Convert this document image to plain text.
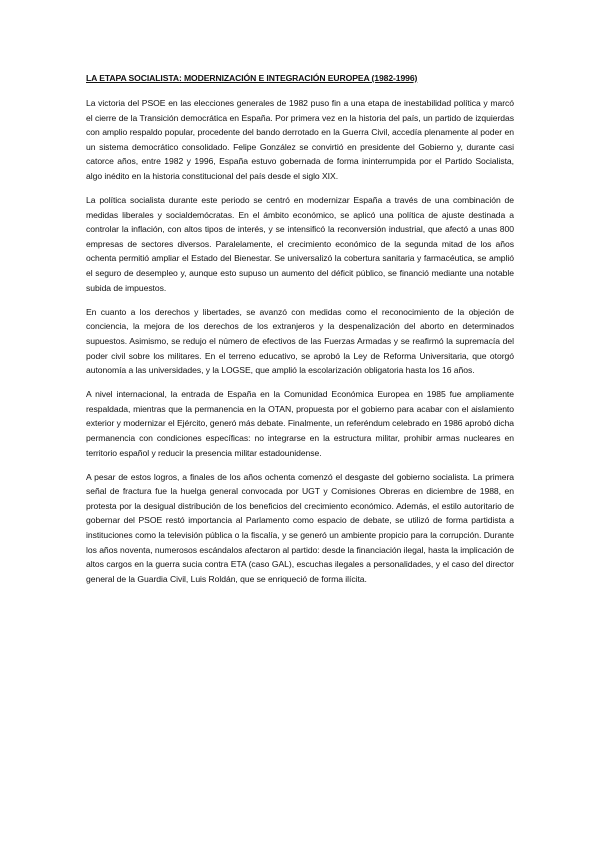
LA ETAPA SOCIALISTA: MODERNIZACIÓN E INTEGRACIÓN EUROPEA (1982-1996)

La victoria del PSOE en las elecciones generales de 1982 puso fin a una etapa de inestabilidad política y marcó el cierre de la Transición democrática en España. Por primera vez en la historia del país, un partido de izquierdas con amplio respaldo popular, procedente del bando derrotado en la Guerra Civil, accedía plenamente al poder en un sistema democrático consolidado. Felipe González se convirtió en presidente del Gobierno y, durante casi catorce años, entre 1982 y 1996, España estuvo gobernada de forma ininterrumpida por el Partido Socialista, algo inédito en la historia constitucional del país desde el siglo XIX.

La política socialista durante este periodo se centró en modernizar España a través de una combinación de medidas liberales y socialdemócratas. En el ámbito económico, se aplicó una política de ajuste destinada a controlar la inflación, con altos tipos de interés, y se intensificó la reconversión industrial, que afectó a unas 800 empresas de sectores diversos. Paralelamente, el crecimiento económico de la segunda mitad de los años ochenta permitió ampliar el Estado del Bienestar. Se universalizó la cobertura sanitaria y farmacéutica, se amplió el seguro de desempleo y, aunque esto supuso un aumento del déficit público, se financió mediante una notable subida de impuestos.

En cuanto a los derechos y libertades, se avanzó con medidas como el reconocimiento de la objeción de conciencia, la mejora de los derechos de los extranjeros y la despenalización del aborto en determinados supuestos. Asimismo, se redujo el número de efectivos de las Fuerzas Armadas y se reafirmó la supremacía del poder civil sobre los militares. En el terreno educativo, se aprobó la Ley de Reforma Universitaria, que otorgó autonomía a las universidades, y la LOGSE, que amplió la escolarización obligatoria hasta los 16 años.

A nivel internacional, la entrada de España en la Comunidad Económica Europea en 1985 fue ampliamente respaldada, mientras que la permanencia en la OTAN, propuesta por el gobierno para acabar con el aislamiento exterior y modernizar el Ejército, generó más debate. Finalmente, un referéndum celebrado en 1986 aprobó dicha permanencia con condiciones específicas: no integrarse en la estructura militar, prohibir armas nucleares en territorio español y reducir la presencia militar estadounidense.

A pesar de estos logros, a finales de los años ochenta comenzó el desgaste del gobierno socialista. La primera señal de fractura fue la huelga general convocada por UGT y Comisiones Obreras en diciembre de 1988, en protesta por la desigual distribución de los beneficios del crecimiento económico. Además, el estilo autoritario de gobernar del PSOE restó importancia al Parlamento como espacio de debate, se utilizó de forma partidista a instituciones como la televisión pública o la fiscalía, y se generó un ambiente propicio para la corrupción. Durante los años noventa, numerosos escándalos afectaron al partido: desde la financiación ilegal, hasta la implicación de altos cargos en la guerra sucia contra ETA (caso GAL), escuchas ilegales a personalidades, y el caso del director general de la Guardia Civil, Luis Roldán, que se enriqueció de forma ilícita.
